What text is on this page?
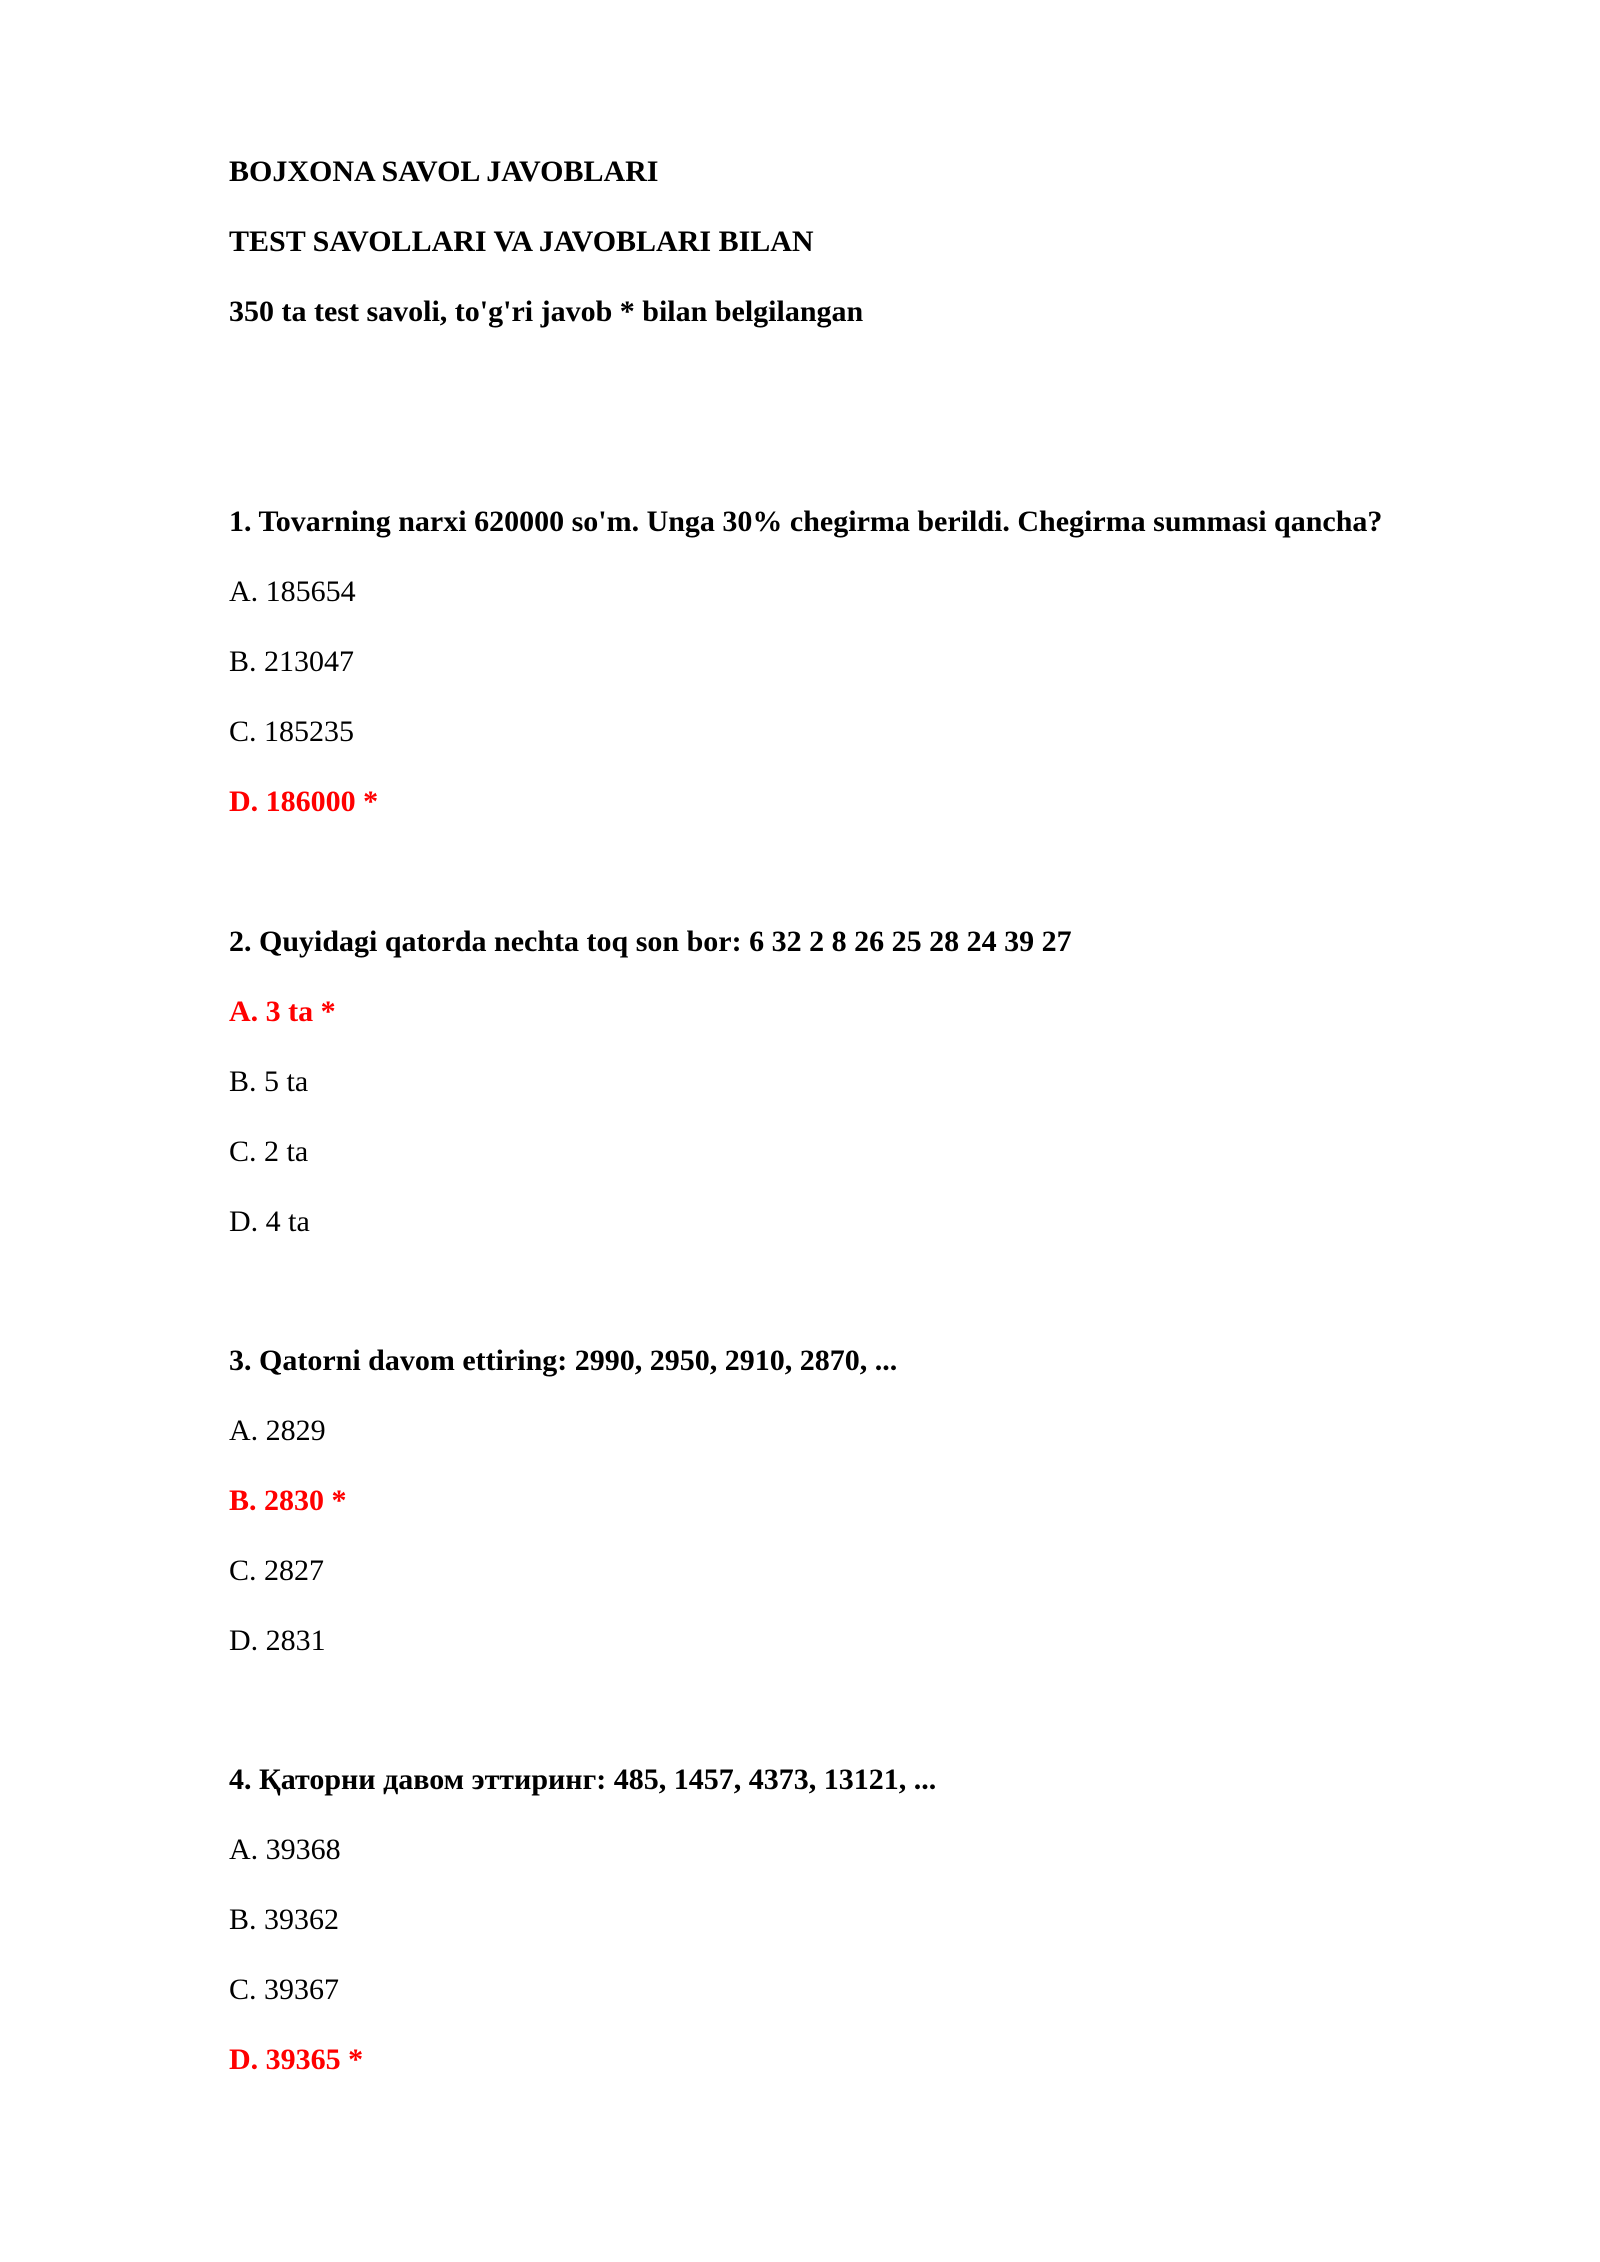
BOJXONA SAVOL JAVOBLARI
TEST SAVOLLARI VA JAVOBLARI BILAN
350 ta test savoli, to'g'ri javob * bilan belgilangan
1. Tovarning narxi 620000 so'm. Unga 30% chegirma berildi. Chegirma summasi qancha?
A. 185654
B. 213047
C. 185235
D. 186000 *
2. Quyidagi qatorda nechta toq son bor: 6 32 2 8 26 25 28 24 39 27
A. 3 ta *
B. 5 ta
C. 2 ta
D. 4 ta
3. Qatorni davom ettiring: 2990, 2950, 2910, 2870, ...
A. 2829
B. 2830 *
C. 2827
D. 2831
4. Қаторни давом эттиринг: 485, 1457, 4373, 13121, ...
A. 39368
B. 39362
C. 39367
D. 39365 *
